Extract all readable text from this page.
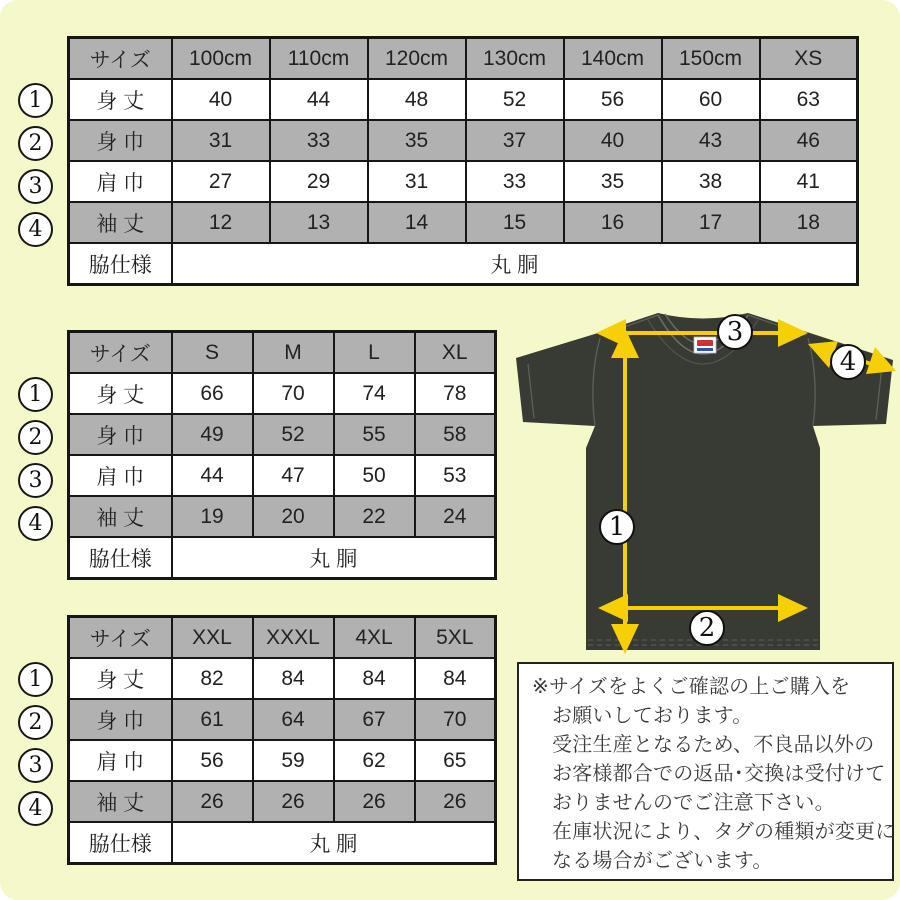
サイズ	100cm	110cm	120cm	130cm	140cm	150cm	XS
身 丈	40	44	48	52	56	60	63
身 巾	31	33	35	37	40	43	46
肩 巾	27	29	31	33	35	38	41
袖 丈	12	13	14	15	16	17	18
脇仕様	丸 胴						
1
2
3
4
サイズ	S	M	L	XL
身 丈	66	70	74	78
身 巾	49	52	55	58
肩 巾	44	47	50	53
袖 丈	19	20	22	24
脇仕様	丸 胴			
1
2
3
4
サイズ	XXL	XXXL	4XL	5XL
身 丈	82	84	84	84
身 巾	61	64	67	70
肩 巾	56	59	62	65
袖 丈	26	26	26	26
脇仕様	丸 胴			
1
2
3
4
3
4
1
2
※サイズをよくご確認の上ご購入を
お願いしております。
受注生産となるため、不良品以外の
お客様都合での返品･交換は受付けて
おりませんのでご注意下さい。
在庫状況により、タグの種類が変更に
なる場合がございます。
